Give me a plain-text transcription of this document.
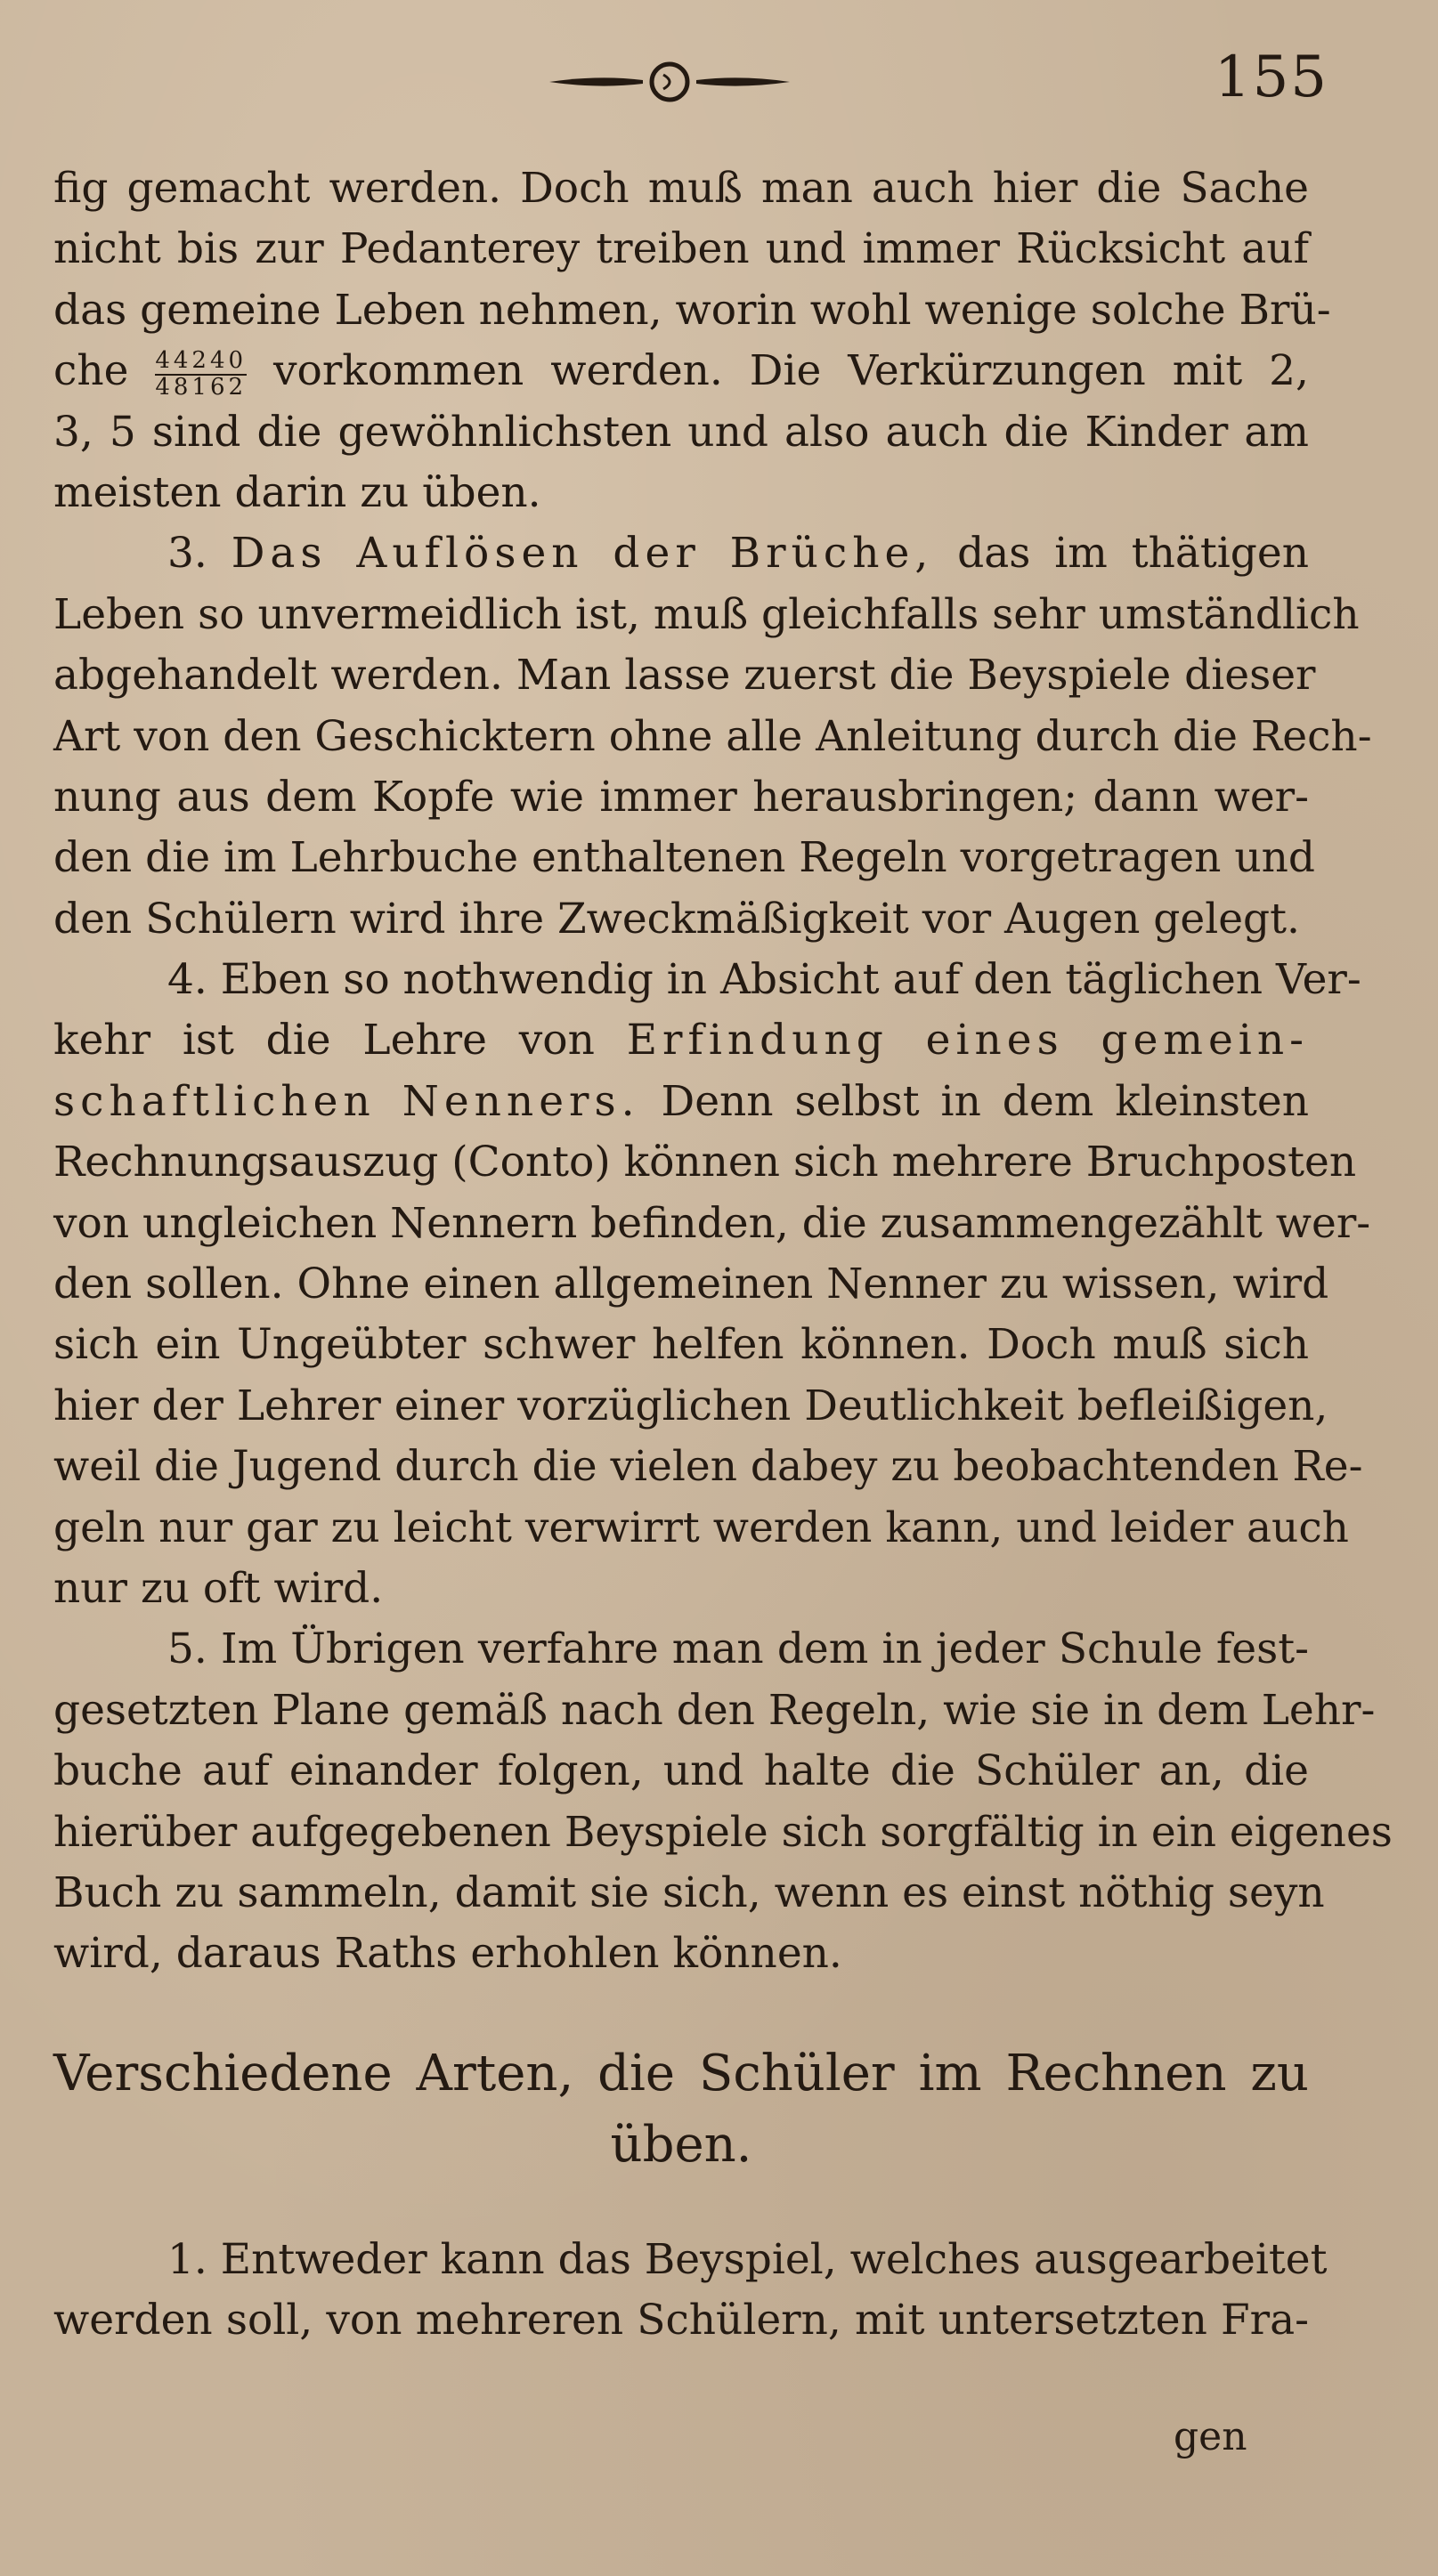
155
fig gemacht werden. Doch muß man auch hier die Sache
nicht bis zur Pedanterey treiben und immer Rücksicht auf
das gemeine Leben nehmen, worin wohl wenige solche Brü-
che $\frac{44240}{48162}$ vorkommen werden. Die Verkürzungen mit 2,
3, 5 sind die gewöhnlichsten und also auch die Kinder am
meisten darin zu üben.
3. Das Auflösen der Brüche, das im thätigen
Leben so unvermeidlich ist, muß gleichfalls sehr umständlich
abgehandelt werden. Man lasse zuerst die Beyspiele dieser
Art von den Geschicktern ohne alle Anleitung durch die Rech-
nung aus dem Kopfe wie immer herausbringen; dann wer-
den die im Lehrbuche enthaltenen Regeln vorgetragen und
den Schülern wird ihre Zweckmäßigkeit vor Augen gelegt.
4. Eben so nothwendig in Absicht auf den täglichen Ver-
kehr ist die Lehre von Erfindung eines gemein-
schaftlichen Nenners. Denn selbst in dem kleinsten
Rechnungsauszug (Conto) können sich mehrere Bruchposten
von ungleichen Nennern befinden, die zusammengezählt wer-
den sollen. Ohne einen allgemeinen Nenner zu wissen, wird
sich ein Ungeübter schwer helfen können. Doch muß sich
hier der Lehrer einer vorzüglichen Deutlichkeit befleißigen,
weil die Jugend durch die vielen dabey zu beobachtenden Re-
geln nur gar zu leicht verwirrt werden kann, und leider auch
nur zu oft wird.
5. Im Übrigen verfahre man dem in jeder Schule fest-
gesetzten Plane gemäß nach den Regeln, wie sie in dem Lehr-
buche auf einander folgen, und halte die Schüler an, die
hierüber aufgegebenen Beyspiele sich sorgfältig in ein eigenes
Buch zu sammeln, damit sie sich, wenn es einst nöthig seyn
wird, daraus Raths erhohlen können.
Verschiedene Arten, die Schüler im Rechnen zu
üben.
1. Entweder kann das Beyspiel, welches ausgearbeitet
werden soll, von mehreren Schülern, mit untersetzten Fra-
gen
